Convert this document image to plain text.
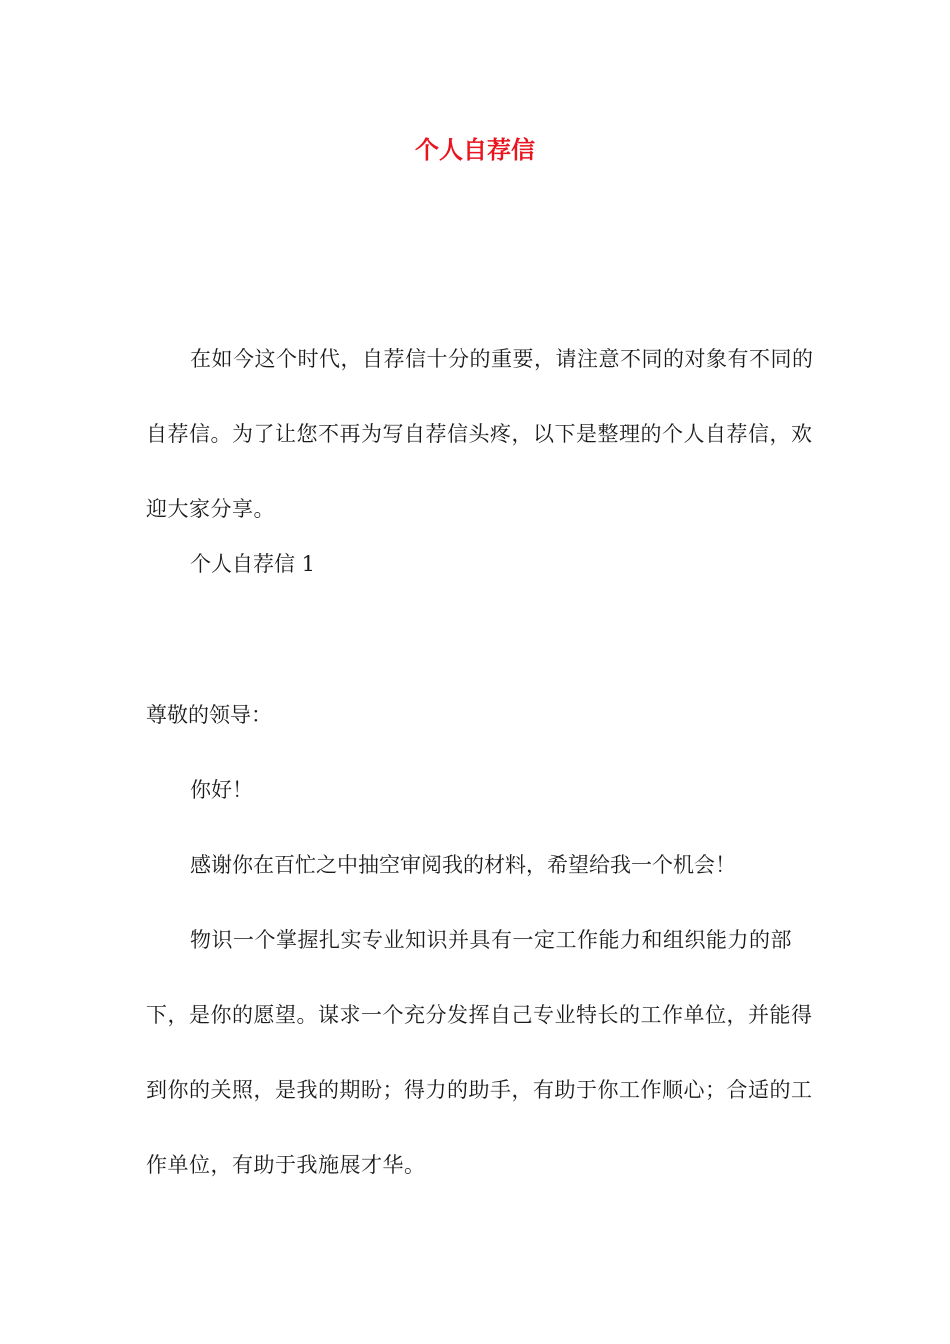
个人自荐信

在如今这个时代，自荐信十分的重要，请注意不同的对象有不同的自荐信。为了让您不再为写自荐信头疼，以下是整理的个人自荐信，欢迎大家分享。

个人自荐信 1

尊敬的领导：

你好！

感谢你在百忙之中抽空审阅我的材料，希望给我一个机会！

物识一个掌握扎实专业知识并具有一定工作能力和组织能力的部下，是你的愿望。谋求一个充分发挥自己专业特长的工作单位，并能得到你的关照，是我的期盼；得力的助手，有助于你工作顺心；合适的工作单位，有助于我施展才华。
